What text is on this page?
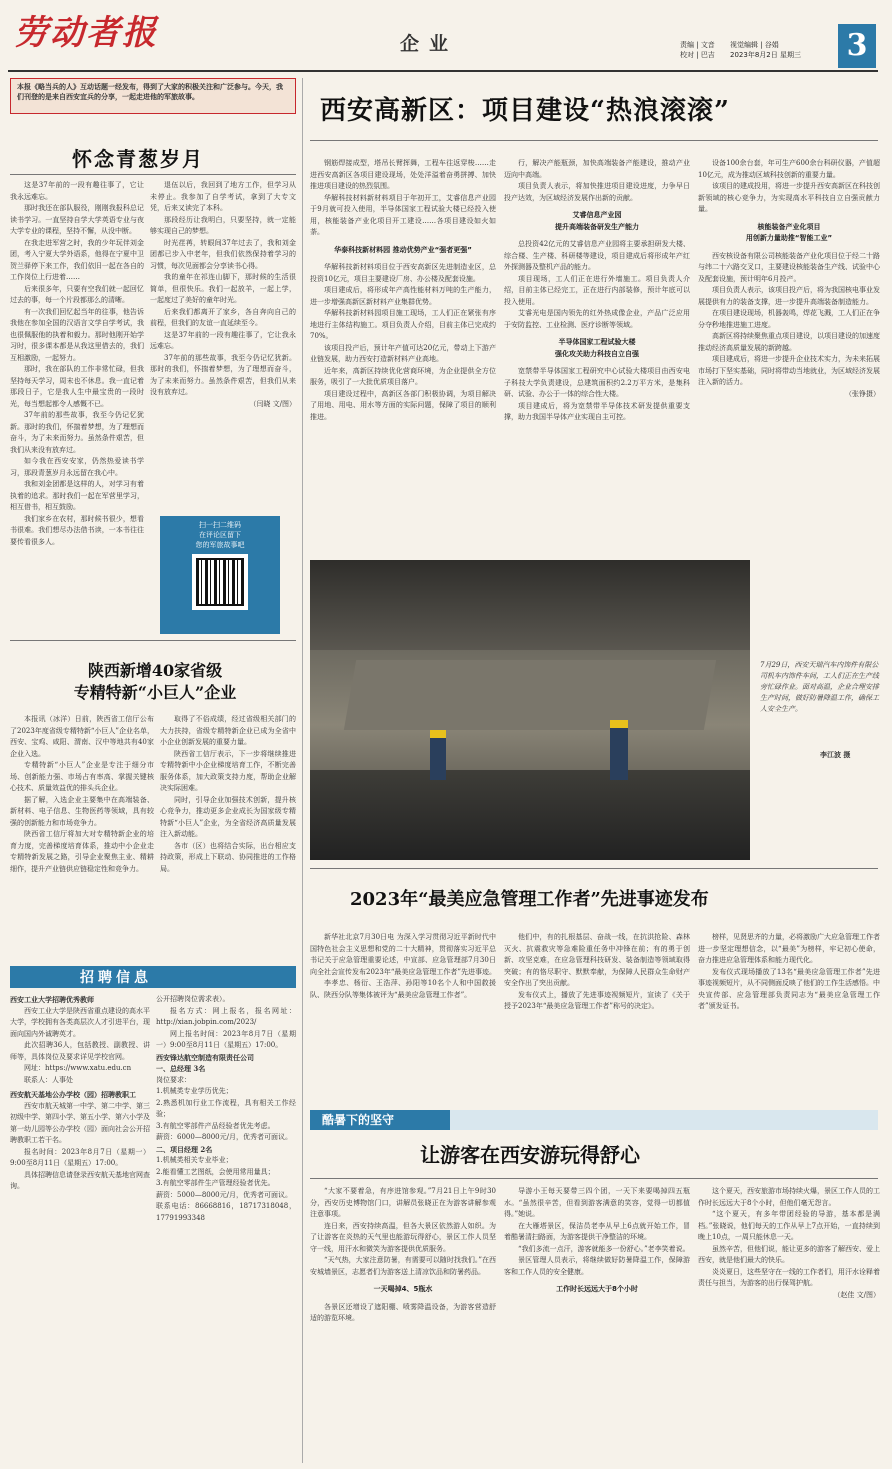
劳动者报	企业	责编 | 文音
校对 | 巴吉
视觉编辑 | 谷娟
2023年8月2日 星期三 3
本报《略当兵的人》互动话题一经发布，得到了大家的积极关注和广泛参与。今天，我们刊登的是来自西安宜兵的分享，一起走进他的军旅故事。
怀念青葱岁月

这是37年前的一段有趣往事了，它让我永远难忘。

那时我还在部队服役，刚刚我报科总记读书学习。一直坚持自学大学英语专业与夜大学专业的课程，坚持不懈，从没中断。

在我走进军营之时，我的少年玩伴刘金团，考入宁夏大学外语系，他得在宁夏中卫贺兰驿停下来工作，我们依旧一起在各自的工作岗位上行进着……

后来很多年，只要有空我们就一起回忆过去的事，每一个片段都那么的清晰。

有一次我们回忆起当年的往事，他告诉我他在参加全国的汉语言文学自学考试，我也很佩服他的执着和毅力。那时他刚开始学习时，很多课本都是从我这里借去的，我们互相激励，一起努力。

那时，我在部队的工作非常忙碌，但我坚持每天学习，周末也不休息。我一直记着那段日子，它是我人生中最宝贵的一段时光，每当想起都令人感慨不已。

37年前的那些故事，我至今仍记忆犹新。那时的我们，怀揣着梦想，为了理想而奋斗，为了未来而努力。虽然条件艰苦，但我们从来没有放弃过。

如今我在西安安家，仍然热爱读书学习，那段青葱岁月永远留在我心中。

我和刘金团都是这样的人，对学习有着执着的追求。那时我们一起在军营里学习，相互借书，相互鼓励。

我们家乡在农村，那时候书很少，想看书很难。我们想尽办法借书读，一本书往往要传看很多人。

退伍以后，我回到了地方工作，但学习从未停止。我参加了自学考试，拿到了大专文凭，后来又读完了本科。

那段经历让我明白，只要坚持，就一定能够实现自己的梦想。

时光荏苒，转眼间37年过去了，我和刘金团都已步入中老年，但我们依然保持着学习的习惯，每次见面都会分享读书心得。

我的童年在祁连山脚下，那时候的生活很简单，但很快乐。我们一起放羊，一起上学，一起度过了美好的童年时光。

后来我们都离开了家乡，各自奔向自己的前程，但我们的友谊一直延续至今。

这是37年前的一段有趣往事了，它让我永远难忘。

37年前的那些故事，我至今仍记忆犹新。那时的我们，怀揣着梦想，为了理想而奋斗，为了未来而努力。虽然条件艰苦，但我们从来没有放弃过。

（闫晓 文/图）
扫一扫二维码
在评论区留下
您的军旅故事吧
陕西新增40家省级
专精特新“小巨人”企业

本报讯（冰洋）日前，陕西省工信厅公布了2023年度省级专精特新“小巨人”企业名单，西安、宝鸡、咸阳、渭南、汉中等地共有40家企业入选。

专精特新“小巨人”企业是专注于细分市场、创新能力强、市场占有率高、掌握关键核心技术、质量效益优的排头兵企业。

据了解，入选企业主要集中在高端装备、新材料、电子信息、生物医药等领域，具有较强的创新能力和市场竞争力。

陕西省工信厅将加大对专精特新企业的培育力度，完善梯度培育体系，推动中小企业走专精特新发展之路，引导企业聚焦主业、精耕细作，提升产业链供应链稳定性和竞争力。

取得了不俗成绩，经过省级相关部门的大力扶持，省级专精特新企业已成为全省中小企业创新发展的重要力量。

陕西省工信厅表示，下一步将继续推进专精特新中小企业梯度培育工作，不断完善服务体系，加大政策支持力度，帮助企业解决实际困难。

同时，引导企业加强技术创新，提升核心竞争力，推动更多企业成长为国家级专精特新“小巨人”企业，为全省经济高质量发展注入新动能。

各市（区）也将结合实际，出台相应支持政策，形成上下联动、协同推进的工作格局。

招聘信息
西安工业大学招聘优秀教师

西安工业大学是陕西省重点建设的高水平大学，学校拥有各类高层次人才引进平台，现面向国内外诚聘英才。

此次招聘36人，包括教授、副教授、讲师等，具体岗位及要求详见学校官网。

网址：https://www.xatu.edu.cn

联系人：人事处

西安航天基地公办学校（园）招聘教职工

西安市航天城第一中学、第二中学、第三初级中学、第四小学、第五小学、第六小学及第一幼儿园等公办学校（园）面向社会公开招聘教职工若干名。

报名时间：2023年8月7日（星期一）9:00至8月11日（星期五）17:00。

具体招聘信息请登录西安航天基地官网查询。

公开招聘岗位需求表）。

报名方式：网上报名，报名网址：http://xian.jobpin.com/2023/

网上报名时间：2023年8月7日（星期一）9:00至8月11日（星期五）17:00。

西安锋达航空制造有限责任公司
一、总经理 3名
岗位要求：
1.机械类专业学历优先；
2.熟悉机加行业工作流程，具有相关工作经验；
3.有航空零部件产品经验者优先考虑。
薪资：6000—8000元/月，优秀者可面议。
二、项目经理 2名
1.机械类相关专业毕业；
2.能看懂工艺图纸，会使用常用量具；
3.有航空零部件生产管理经验者优先。
薪资：5000—8000元/月，优秀者可面议。
联系电话：86668816，18717318048，17791993348
西安高新区：项目建设“热浪滚滚”

钢筋焊接成型，塔吊长臂挥舞，工程车往返穿梭……走进西安高新区各项目建设现场，处处洋溢着奋勇拼搏、加快推进项目建设的热烈氛围。

华解科技材料新材料项目于年初开工，艾睿信息产业园于9月就可投入使用，半导体国家工程试验大楼已经投入使用，核能装备产业化项目开工建设……各项目建设如火如荼。

华泰科技新材料园 推动优势产业“强者更强”

华解科技新材料项目位于西安高新区先进制造业区，总投资10亿元，项目主要建设厂房、办公楼及配套设施。

项目建成后，将形成年产高性能材料万吨的生产能力，进一步增强高新区新材料产业集群优势。

华解科技新材料园项目施工现场，工人们正在紧张有序地进行主体结构施工。项目负责人介绍，目前主体已完成约70%。

该项目投产后，预计年产值可达20亿元，带动上下游产业链发展，助力西安打造新材料产业高地。

近年来，高新区持续优化营商环境，为企业提供全方位服务，吸引了一大批优质项目落户。

项目建设过程中，高新区各部门积极协调，为项目解决了用地、用电、用水等方面的实际问题，保障了项目的顺利推进。

行，解决产能瓶颈，加快高端装备产能建设，推动产业迈向中高端。

项目负责人表示，将加快推进项目建设进度，力争早日投产达效，为区域经济发展作出新的贡献。

艾睿信息产业园
提升高端装备研发生产能力

总投资42亿元的艾睿信息产业园将主要承担研发大楼、综合楼、生产楼、科研楼等建设，项目建成后将形成年产红外探测器及整机产品的能力。

项目现场，工人们正在进行外墙施工。项目负责人介绍，目前主体已经完工，正在进行内部装修，预计年底可以投入使用。

艾睿光电是国内领先的红外热成像企业，产品广泛应用于安防监控、工业检测、医疗诊断等领域。

半导体国家工程试验大楼
强化攻关助力科技自立自强

宽禁带半导体国家工程研究中心试验大楼项目由西安电子科技大学负责建设，总建筑面积约2.2万平方米，是集科研、试验、办公于一体的综合性大楼。

项目建成后，将为宽禁带半导体技术研发提供重要支撑，助力我国半导体产业实现自主可控。

设备100余台套，年可生产600余台科研仪器，产值超10亿元，成为推动区域科技创新的重要力量。

该项目的建成投用，将进一步提升西安高新区在科技创新领域的核心竞争力，为实现高水平科技自立自强贡献力量。

核能装备产业化项目
用创新力量助推“智能工业”

西安核设备有限公司核能装备产业化项目位于经二十路与纬二十六路交叉口，主要建设核能装备生产线、试验中心及配套设施，预计明年6月投产。

项目负责人表示，该项目投产后，将为我国核电事业发展提供有力的装备支撑，进一步提升高端装备制造能力。

在项目建设现场，机器轰鸣，焊花飞溅，工人们正在争分夺秒地推进施工进度。

高新区将持续聚焦重点项目建设，以项目建设的加速度推动经济高质量发展的新跨越。

项目建成后，将进一步提升企业技术实力，为未来拓展市场打下坚实基础，同时将带动当地就业，为区域经济发展注入新的活力。

（张铮摄）
7月29日，西安天瑞汽车内饰件有限公司机车内饰件车间，工人们正在生产线旁忙碌作业。面对高温，企业合理安排生产时间，做好防暑降温工作，确保工人安全生产。
李江波 摄
2023年“最美应急管理工作者”先进事迹发布

新华社北京7月30日电 为深入学习贯彻习近平新时代中国特色社会主义思想和党的二十大精神，贯彻落实习近平总书记关于应急管理重要论述，中宣部、应急管理部7月30日向全社会宣传发布2023年“最美应急管理工作者”先进事迹。

李孝忠、杨衍、王浩萍、孙阳等10名个人和中国救援队、陕西分队等集体被评为“最美应急管理工作者”。

他们中，有的扎根基层、奋战一线，在抗洪抢险、森林灭火、抗震救灾等急难险重任务中冲锋在前；有的勇于创新、攻坚克难，在应急管理科技研发、装备制造等领域取得突破；有的恪尽职守、默默奉献，为保障人民群众生命财产安全作出了突出贡献。

发布仪式上，播放了先进事迹视频短片，宣读了《关于授予2023年“最美应急管理工作者”称号的决定》。

榜样，见贤思齐的力量，必将激励广大应急管理工作者进一步坚定理想信念，以“最美”为榜样，牢记初心使命，奋力推进应急管理体系和能力现代化。

发布仪式现场播放了13名“最美应急管理工作者”先进事迹视频短片，从不同侧面反映了他们的工作生活感悟。中央宣传部、应急管理部负责同志为“最美应急管理工作者”颁发证书。

酷暑下的坚守
让游客在西安游玩得舒心

“大家不要着急，有序进馆参观。”7月21日上午9时30分，西安历史博物馆门口，讲解员张晓正在为游客讲解参观注意事项。

连日来，西安持续高温，但各大景区依然游人如织。为了让游客在炎热的天气里也能游玩得舒心，景区工作人员坚守一线，用汗水和微笑为游客提供优质服务。

“天气热，大家注意防暑，有需要可以随时找我们。”在西安城墙景区，志愿者们为游客送上清凉饮品和防暑药品。

一天喝掉4、5瓶水

各景区还增设了遮阳棚、喷雾降温设备，为游客营造舒适的游览环境。

导游小王每天要带三四个团，一天下来要喝掉四五瓶水。“虽然很辛苦，但看到游客满意的笑容，觉得一切都值得。”她说。

在大雁塔景区，保洁员老李从早上6点就开始工作，冒着酷暑清扫路面，为游客提供干净整洁的环境。

“我们多流一点汗，游客就能多一份舒心。”老李笑着说。

景区管理人员表示，将继续做好防暑降温工作，保障游客和工作人员的安全健康。

工作时长远远大于8个小时

这个夏天，西安旅游市场持续火爆，景区工作人员的工作时长远远大于8个小时，但他们毫无怨言。

“这个夏天，有多年带团经验的导游，基本都是满档。”张晓说，他们每天的工作从早上7点开始，一直持续到晚上10点，一周只能休息一天。

虽然辛苦，但他们说，能让更多的游客了解西安、爱上西安，就是他们最大的快乐。

炎炎夏日，这些坚守在一线的工作者们，用汗水诠释着责任与担当，为游客的出行保驾护航。

（赵佳 文/图）
